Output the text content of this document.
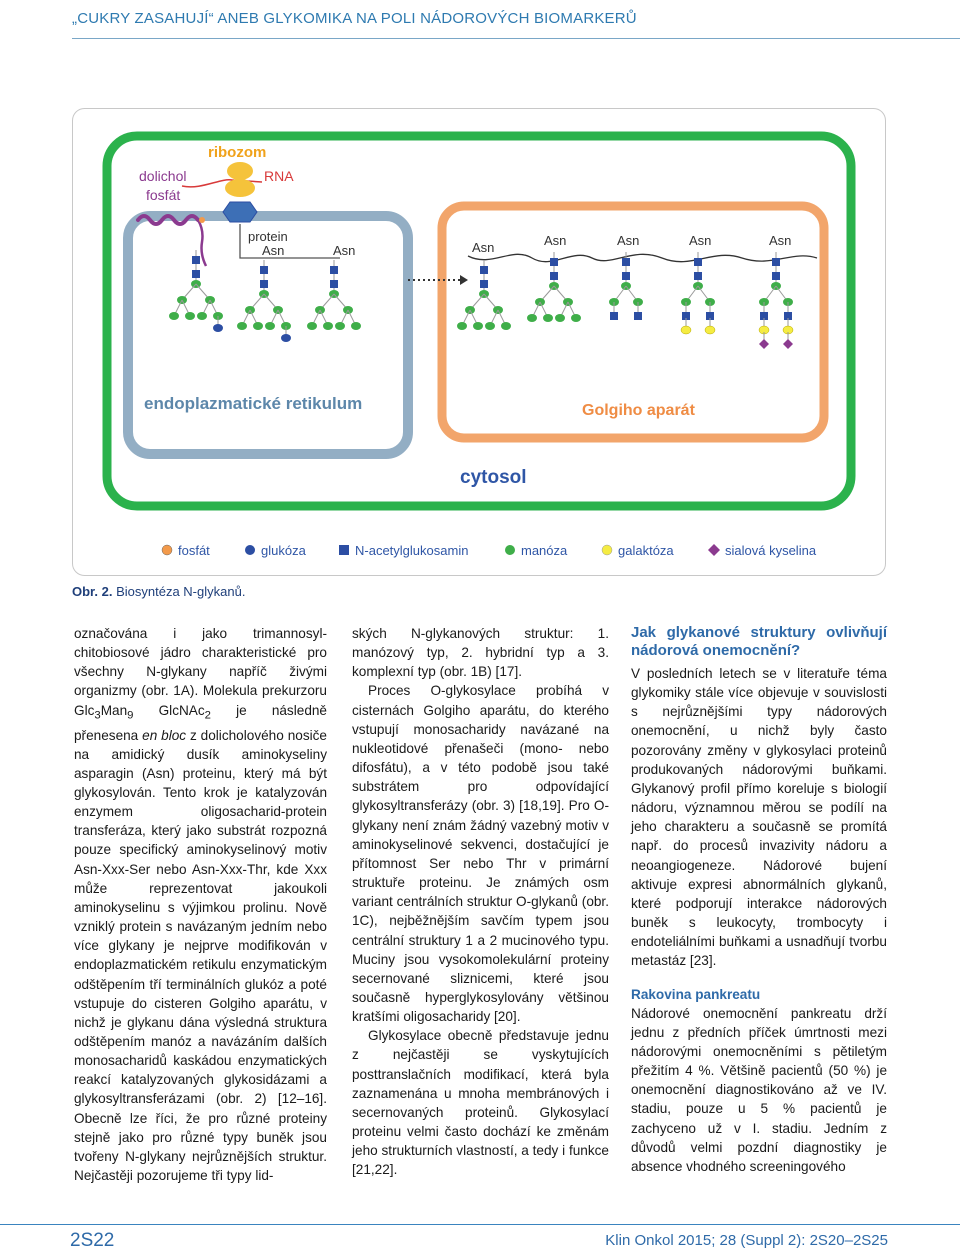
„CUKRY ZASAHUJÍ“ ANEB GLYKOMIKA NA POLI NÁDOROVÝCH BIOMARKERŮ
dolichol
fosfát
ribozom
RNA
protein
Asn	Asn	Asn	Asn	Asn	Asn	Asn
endoplazmatické retikulum	Golgiho aparát
cytosol
fosfát	glukóza	N-acetylglukosamin	manóza	galaktóza	sialová kyselina
Obr. 2. Biosyntéza N-glykanů.

označována i jako trimannosyl-chitobiosové jádro charakteristické pro všechny N-glykany napříč živými organizmy (obr. 1A). Molekula prekurzoru Glc$_3$Man$_9$ GlcNAc$_2$ je následně přenesena en bloc z dolicholového nosiče na amidický dusík aminokyseliny asparagin (Asn) proteinu, který má být glykosylován. Tento krok je katalyzován enzymem oligosacharid-protein transferáza, který jako substrát rozpozná pouze specifický aminokyselinový motiv Asn-Xxx-Ser nebo Asn-Xxx-Thr, kde Xxx může reprezentovat jakoukoli aminokyselinu s výjimkou prolinu. Nově vzniklý protein s navázaným jedním nebo více glykany je nejprve modifikován v endoplazmatickém retikulu enzymatickým odštěpením tří terminálních glukóz a poté vstupuje do cisteren Golgiho aparátu, v nichž je glykanu dána výsledná struktura odštěpením manóz a navázáním dalších monosacharidů kaskádou enzymatických reakcí katalyzovaných glykosidázami a glykosyltransferázami (obr. 2) [12–16]. Obecně lze říci, že pro různé proteiny stejně jako pro různé typy buněk jsou tvořeny N-glykany nejrůznějších struktur. Nejčastěji pozorujeme tři typy lid-

ských N-glykanových struktur: 1. manózový typ, 2. hybridní typ a 3. komplexní typ (obr. 1B) [17].

Proces O-glykosylace probíhá v cisternách Golgiho aparátu, do kterého vstupují monosacharidy navázané na nukleotidové přenašeči (mono- nebo difosfátu), a v této podobě jsou také substrátem pro odpovídající glykosyltransferázy (obr. 3) [18,19]. Pro O-glykany není znám žádný vazebný motiv v aminokyselinové sekvenci, dostačující je přítomnost Ser nebo Thr v primární struktuře proteinu. Je známých osm variant centrálních struktur O-glykanů (obr. 1C), nejběžnějším savčím typem jsou centrální struktury 1 a 2 mucinového typu. Muciny jsou vysokomolekulární proteiny secernované sliznicemi, které jsou současně hyperglykosylovány většinou kratšími oligosacharidy [20].

Glykosylace obecně představuje jednu z nejčastěji se vyskytujících posttranslačních modifikací, která byla zaznamenána u mnoha membránových i secernovaných proteinů. Glykosylací proteinu velmi často dochází ke změnám jeho strukturních vlastností, a tedy i funkce [21,22].

Jak glykanové struktury ovlivňují nádorová onemocnění?

V posledních letech se v literatuře téma glykomiky stále více objevuje v souvislosti s nejrůznějšími typy nádorových onemocnění, u nichž byly často pozorovány změny v glykosylaci proteinů produkovaných nádorovými buňkami. Glykanový profil přímo koreluje s biologií nádoru, významnou měrou se podílí na jeho charakteru a současně se promítá např. do procesů invazivity nádoru a neoangiogeneze. Nádorové bujení aktivuje expresi abnormálních glykanů, které podporují interakce nádorových buněk s leukocyty, trombocyty i endoteliálními buňkami a usnadňují tvorbu metastáz [23].

Rakovina pankreatu

Nádorové onemocnění pankreatu drží jednu z předních příček úmrtnosti mezi nádorovými onemocněními s pětiletým přežitím 4 %. Většině pacientů (50 %) je onemocnění diagnostikováno až ve IV. stadiu, pouze u 5 % pacientů je zachyceno už v I. stadiu. Jedním z důvodů velmi pozdní diagnostiky je absence vhodného screeningového

2S22	Klin Onkol 2015; 28 (Suppl 2): 2S20–2S25
